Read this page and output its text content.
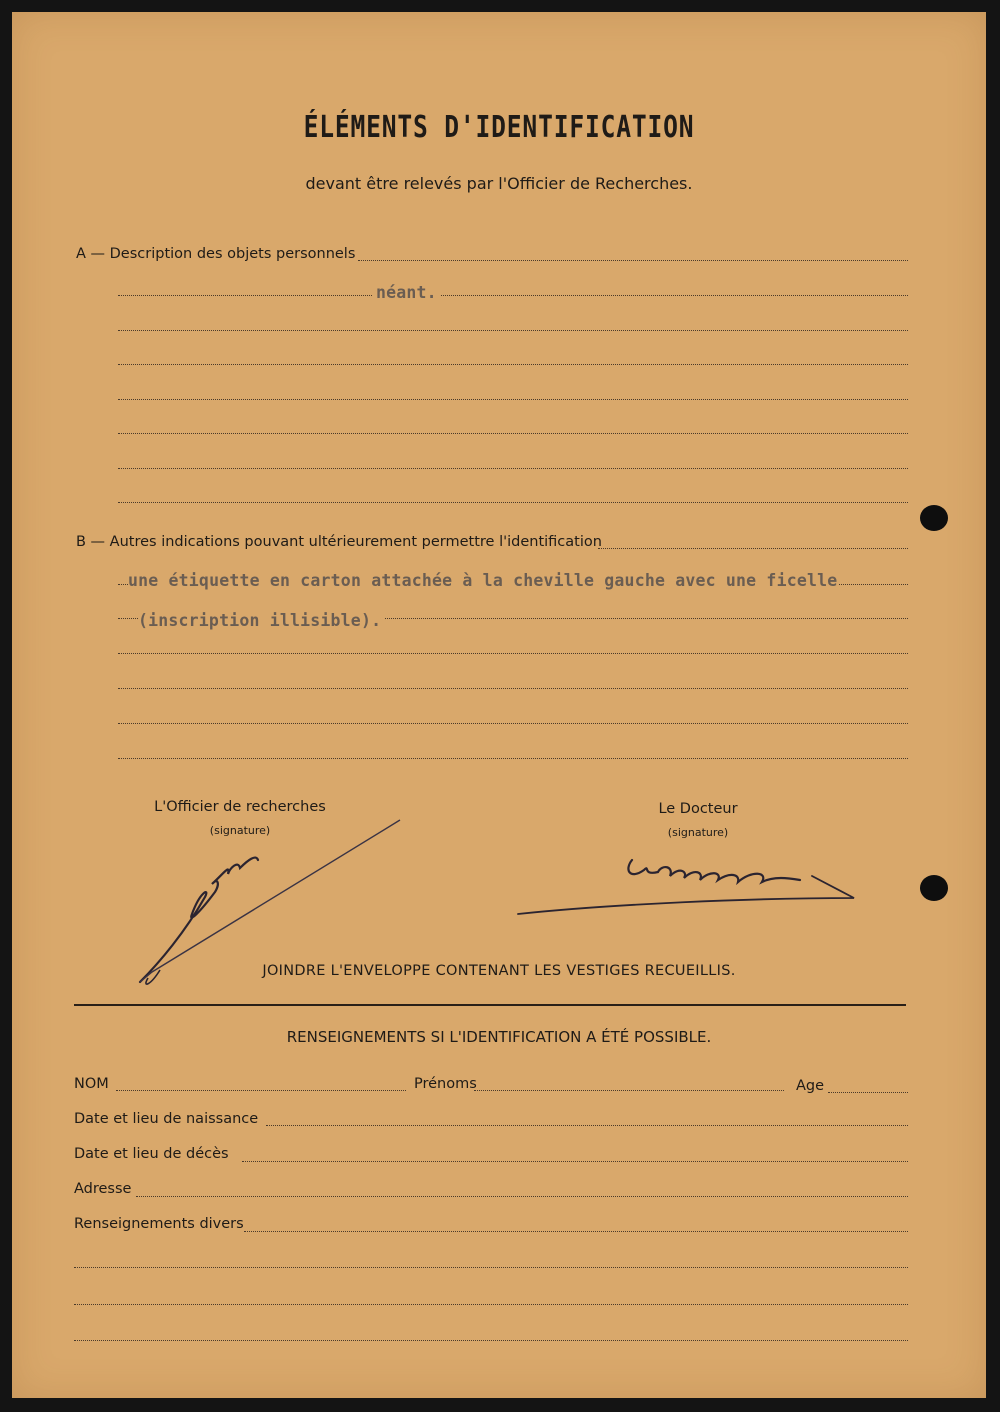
ÉLÉMENTS D'IDENTIFICATION
devant être relevés par l'Officier de Recherches.
A — Description des objets personnels
néant.
B — Autres indications pouvant ultérieurement permettre l'identification
une étiquette en carton attachée à la cheville gauche avec une ficelle
(inscription illisible).
L'Officier de recherches
(signature)
Le Docteur
(signature)
JOINDRE L'ENVELOPPE CONTENANT LES VESTIGES RECUEILLIS.
RENSEIGNEMENTS SI L'IDENTIFICATION A ÉTÉ POSSIBLE.
NOM	Prénoms	Age
Date et lieu de naissance
Date et lieu de décès
Adresse
Renseignements divers
